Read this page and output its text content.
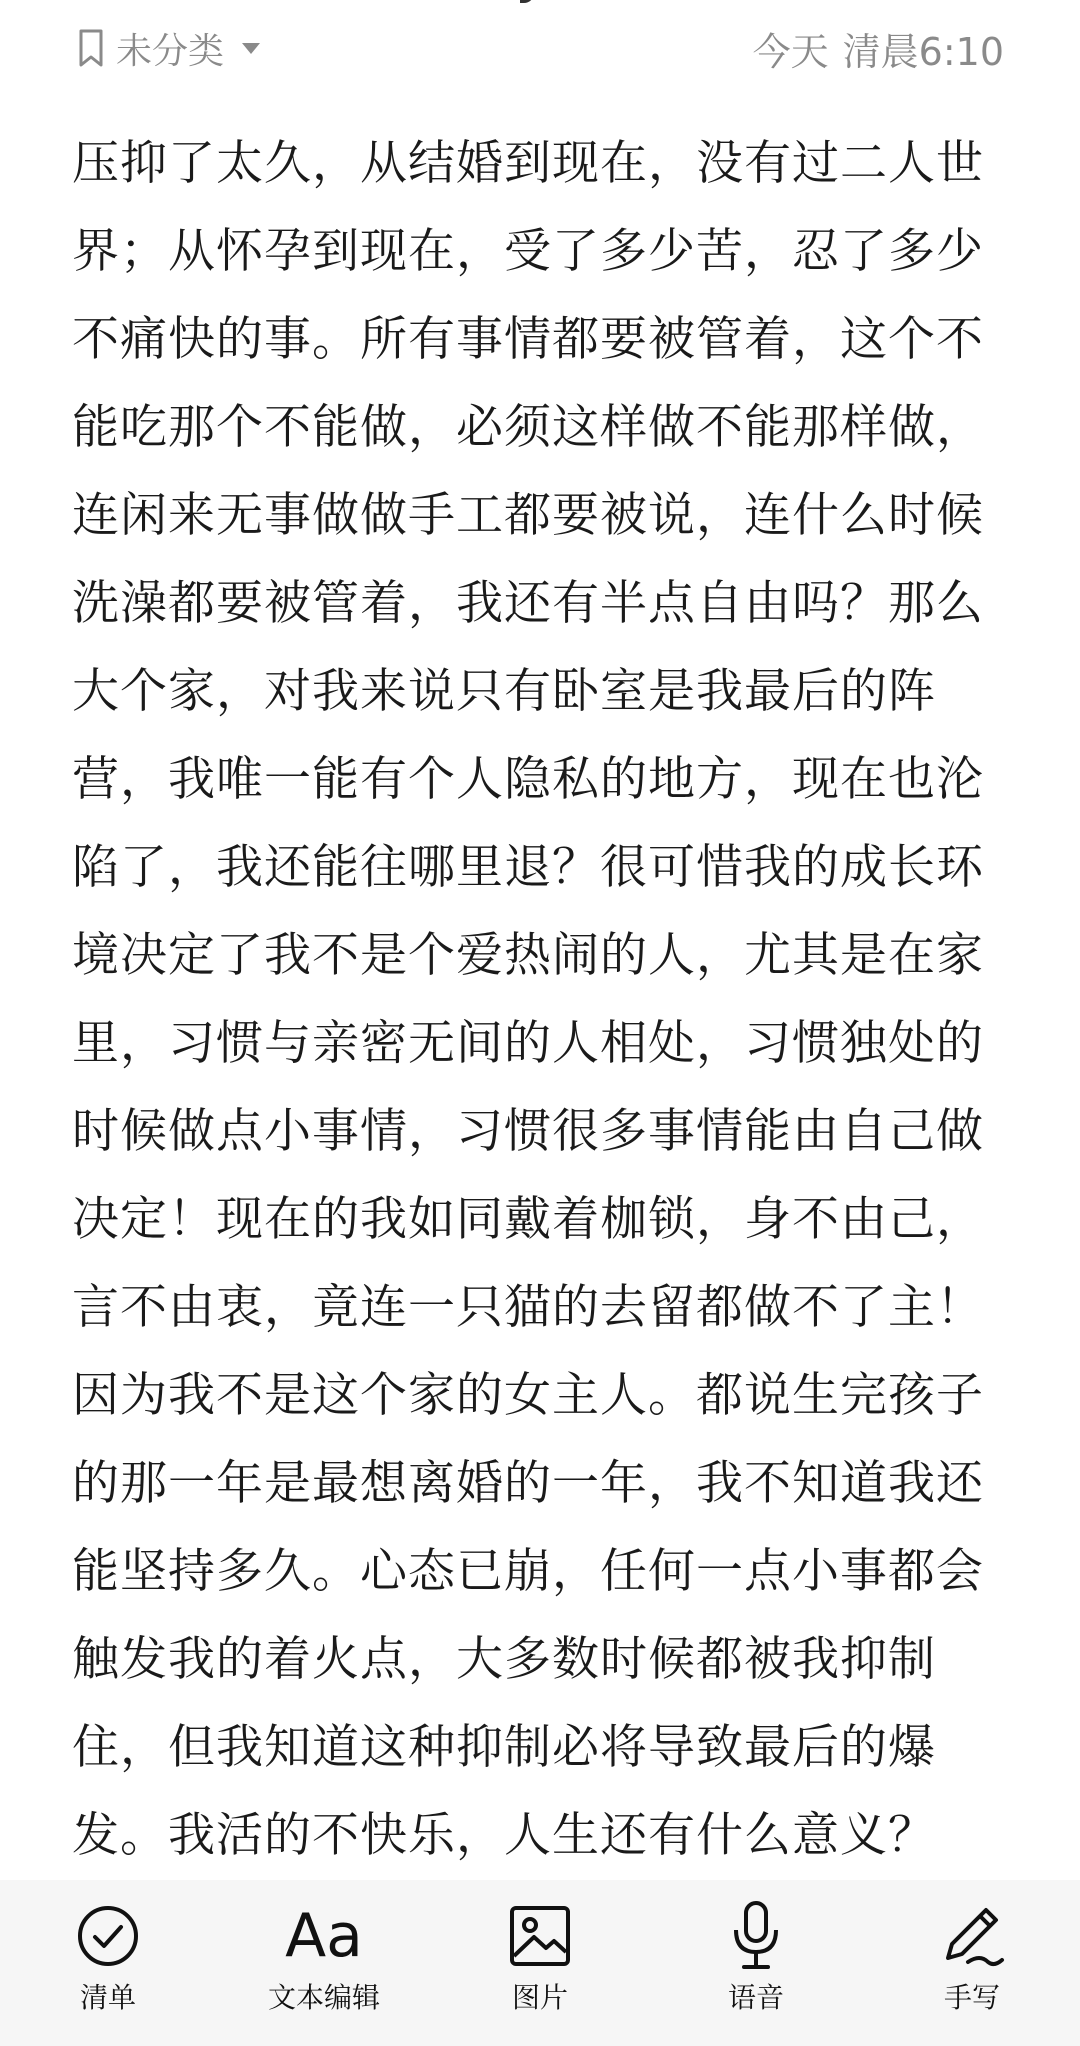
未分类	今天 清晨6:10
压抑了太久，从结婚到现在，没有过二人世
界；从怀孕到现在，受了多少苦，忍了多少
不痛快的事。所有事情都要被管着，这个不
能吃那个不能做，必须这样做不能那样做，
连闲来无事做做手工都要被说，连什么时候
洗澡都要被管着，我还有半点自由吗？那么
大个家，对我来说只有卧室是我最后的阵
营，我唯一能有个人隐私的地方，现在也沦
陷了，我还能往哪里退？很可惜我的成长环
境决定了我不是个爱热闹的人，尤其是在家
里，习惯与亲密无间的人相处，习惯独处的
时候做点小事情，习惯很多事情能由自己做
决定！现在的我如同戴着枷锁，身不由己，
言不由衷，竟连一只猫的去留都做不了主！
因为我不是这个家的女主人。都说生完孩子
的那一年是最想离婚的一年，我不知道我还
能坚持多久。心态已崩，任何一点小事都会
触发我的着火点，大多数时候都被我抑制
住，但我知道这种抑制必将导致最后的爆
发。我活的不快乐，人生还有什么意义？
清单
Aa
文本编辑	图片	语音	手写
